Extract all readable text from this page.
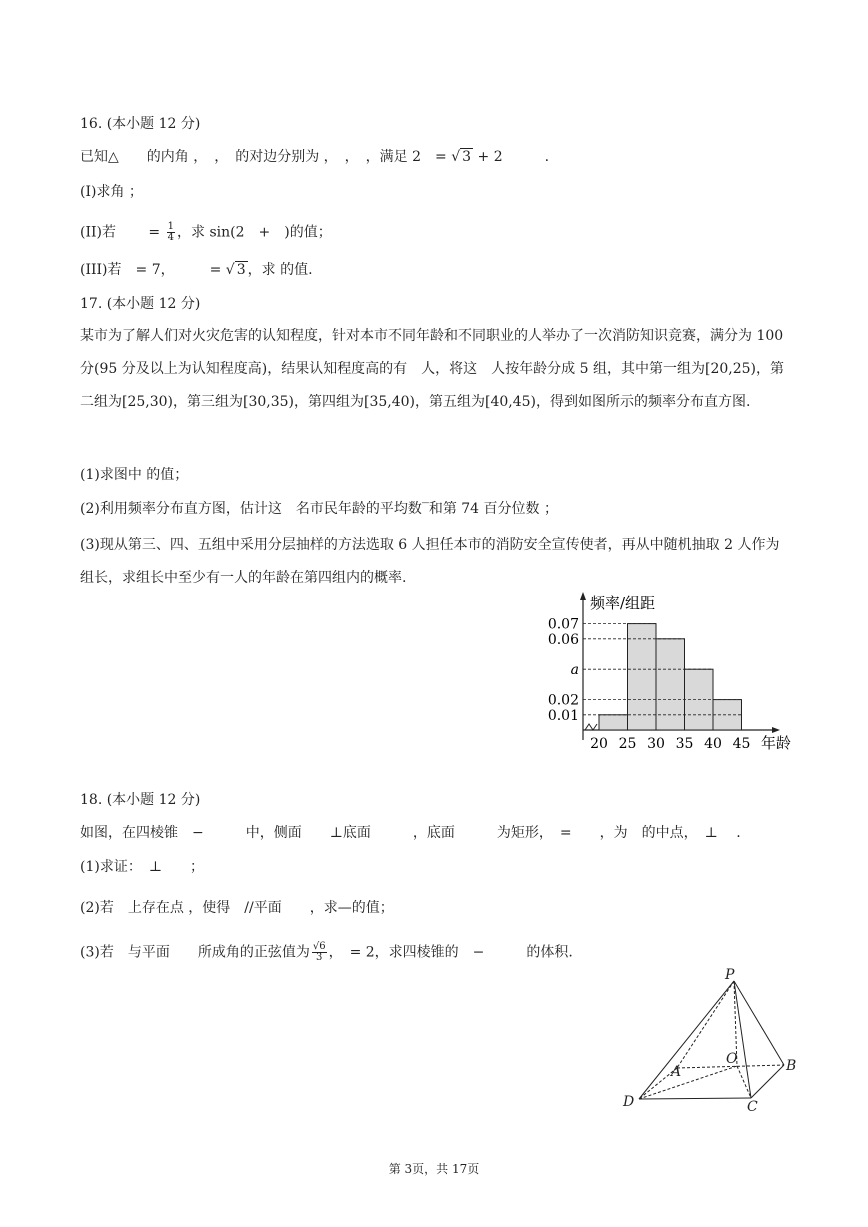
16. (本小题 12 分)
已知△　　的内角 ，　，　的对边分别为 ，　，　，满足 2　= √ 3 + 2　　　.
(I)求角 ；
(II)若　　 = $\frac{1}{4}$ ，求 sin(2　+　)的值；
(III)若　= 7，　　　= √ 3 ，求 的值.
17. (本小题 12 分)
某市为了解人们对火灾危害的认知程度，针对本市不同年龄和不同职业的人举办了一次消防知识竞赛，满分为 100 分(95 分及以上为认知程度高)，结果认知程度高的有　人，将这　人按年龄分成 5 组，其中第一组为[20,25)，第二组为[25,30)，第三组为[30,35)，第四组为[35,40)，第五组为[40,45)，得到如图所示的频率分布直方图.
(1)求图中 的值；
(2)利用频率分布直方图，估计这　名市民年龄的平均数‾和第 74 百分位数 ；
(3)现从第三、四、五组中采用分层抽样的方法选取 6 人担任本市的消防安全宣传使者，再从中随机抽取 2 人作为组长，求组长中至少有一人的年龄在第四组内的概率.
频率/组距
年龄
0.07
0.06
a
0.02
0.01
20 25 30 35 40 45
18. (本小题 12 分)
如图，在四棱锥　−　　　中，侧面　　⊥底面　　　，底面　　　为矩形，　=　　，为　的中点，　⊥　 .
(1)求证：　⊥　　；
(2)若　上存在点 ，使得　//平面　　，求—的值；
(3)若　与平面　　所成角的正弦值为 $\frac{√6}{3}$ ，　= 2，求四棱锥的　−　　　的体积.
P
A
O	B
D	C
第 3页，共 17页
